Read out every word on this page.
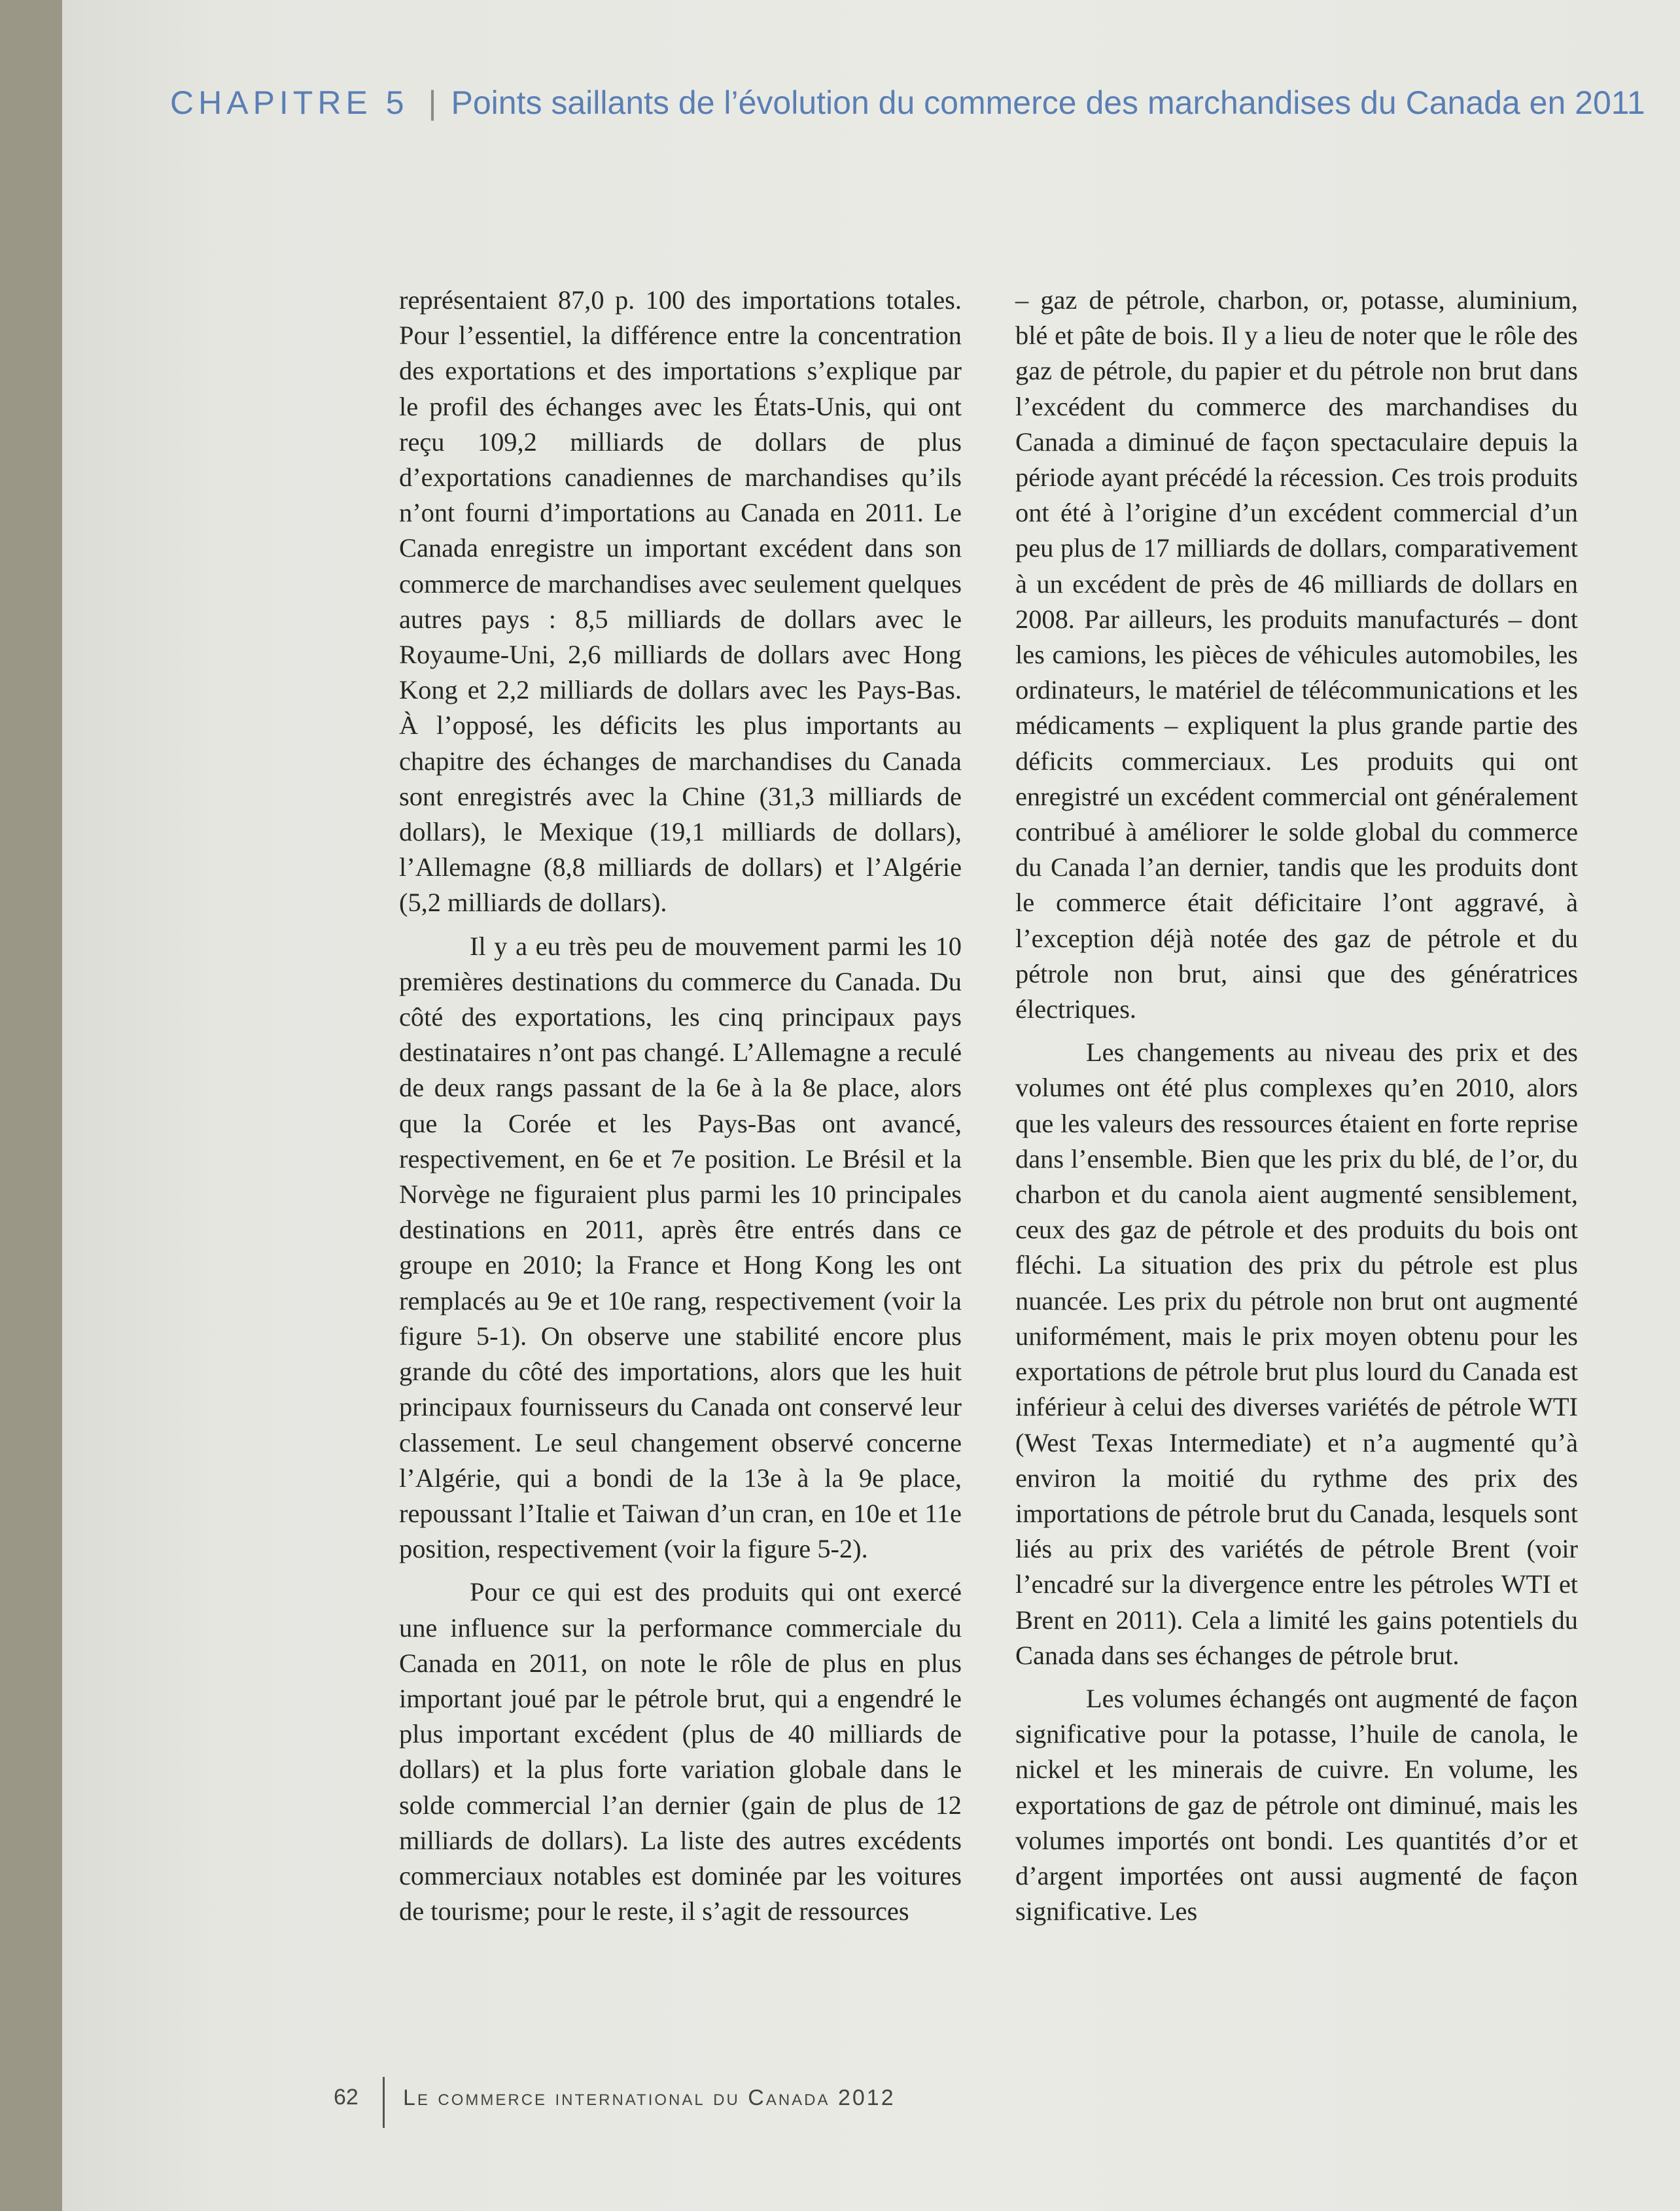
CHAPITRE 5 | Points saillants de l’évolution du commerce des marchandises du Canada en 2011

représentaient 87,0 p. 100 des importations totales. Pour l’essentiel, la différence entre la concentration des exportations et des importations s’explique par le profil des échanges avec les États-Unis, qui ont reçu 109,2 milliards de dollars de plus d’exportations canadiennes de marchandises qu’ils n’ont fourni d’importations au Canada en 2011. Le Canada enregistre un important excédent dans son commerce de marchandises avec seulement quelques autres pays : 8,5 milliards de dollars avec le Royaume-Uni, 2,6 milliards de dollars avec Hong Kong et 2,2 milliards de dollars avec les Pays-Bas. À l’opposé, les déficits les plus importants au chapitre des échanges de marchandises du Canada sont enregistrés avec la Chine (31,3 milliards de dollars), le Mexique (19,1 milliards de dollars), l’Allemagne (8,8 milliards de dollars) et l’Algérie (5,2 milliards de dollars).

Il y a eu très peu de mouvement parmi les 10 premières destinations du commerce du Canada. Du côté des exportations, les cinq principaux pays destinataires n’ont pas changé. L’Allemagne a reculé de deux rangs passant de la 6e à la 8e place, alors que la Corée et les Pays-Bas ont avancé, respectivement, en 6e et 7e position. Le Brésil et la Norvège ne figuraient plus parmi les 10 principales destinations en 2011, après être entrés dans ce groupe en 2010; la France et Hong Kong les ont remplacés au 9e et 10e rang, respectivement (voir la figure 5-1). On observe une stabilité encore plus grande du côté des importations, alors que les huit principaux fournisseurs du Canada ont conservé leur classement. Le seul changement observé concerne l’Algérie, qui a bondi de la 13e à la 9e place, repoussant l’Italie et Taiwan d’un cran, en 10e et 11e position, respectivement (voir la figure 5-2).

Pour ce qui est des produits qui ont exercé une influence sur la performance commerciale du Canada en 2011, on note le rôle de plus en plus important joué par le pétrole brut, qui a engendré le plus important excédent (plus de 40 milliards de dollars) et la plus forte variation globale dans le solde commercial l’an dernier (gain de plus de 12 milliards de dollars). La liste des autres excédents commerciaux notables est dominée par les voitures de tourisme; pour le reste, il s’agit de ressources

– gaz de pétrole, charbon, or, potasse, aluminium, blé et pâte de bois. Il y a lieu de noter que le rôle des gaz de pétrole, du papier et du pétrole non brut dans l’excédent du commerce des marchandises du Canada a diminué de façon spectaculaire depuis la période ayant précédé la récession. Ces trois produits ont été à l’origine d’un excédent commercial d’un peu plus de 17 milliards de dollars, comparativement à un excédent de près de 46 milliards de dollars en 2008. Par ailleurs, les produits manufacturés – dont les camions, les pièces de véhicules automobiles, les ordinateurs, le matériel de télécommunications et les médicaments – expliquent la plus grande partie des déficits commerciaux. Les produits qui ont enregistré un excédent commercial ont généralement contribué à améliorer le solde global du commerce du Canada l’an dernier, tandis que les produits dont le commerce était déficitaire l’ont aggravé, à l’exception déjà notée des gaz de pétrole et du pétrole non brut, ainsi que des génératrices électriques.

Les changements au niveau des prix et des volumes ont été plus complexes qu’en 2010, alors que les valeurs des ressources étaient en forte reprise dans l’ensemble. Bien que les prix du blé, de l’or, du charbon et du canola aient augmenté sensiblement, ceux des gaz de pétrole et des produits du bois ont fléchi. La situation des prix du pétrole est plus nuancée. Les prix du pétrole non brut ont augmenté uniformément, mais le prix moyen obtenu pour les exportations de pétrole brut plus lourd du Canada est inférieur à celui des diverses variétés de pétrole WTI (West Texas Intermediate) et n’a augmenté qu’à environ la moitié du rythme des prix des importations de pétrole brut du Canada, lesquels sont liés au prix des variétés de pétrole Brent (voir l’encadré sur la divergence entre les pétroles WTI et Brent en 2011). Cela a limité les gains potentiels du Canada dans ses échanges de pétrole brut.

Les volumes échangés ont augmenté de façon significative pour la potasse, l’huile de canola, le nickel et les minerais de cuivre. En volume, les exportations de gaz de pétrole ont diminué, mais les volumes importés ont bondi. Les quantités d’or et d’argent importées ont aussi augmenté de façon significative. Les

62 Le commerce international du Canada 2012
